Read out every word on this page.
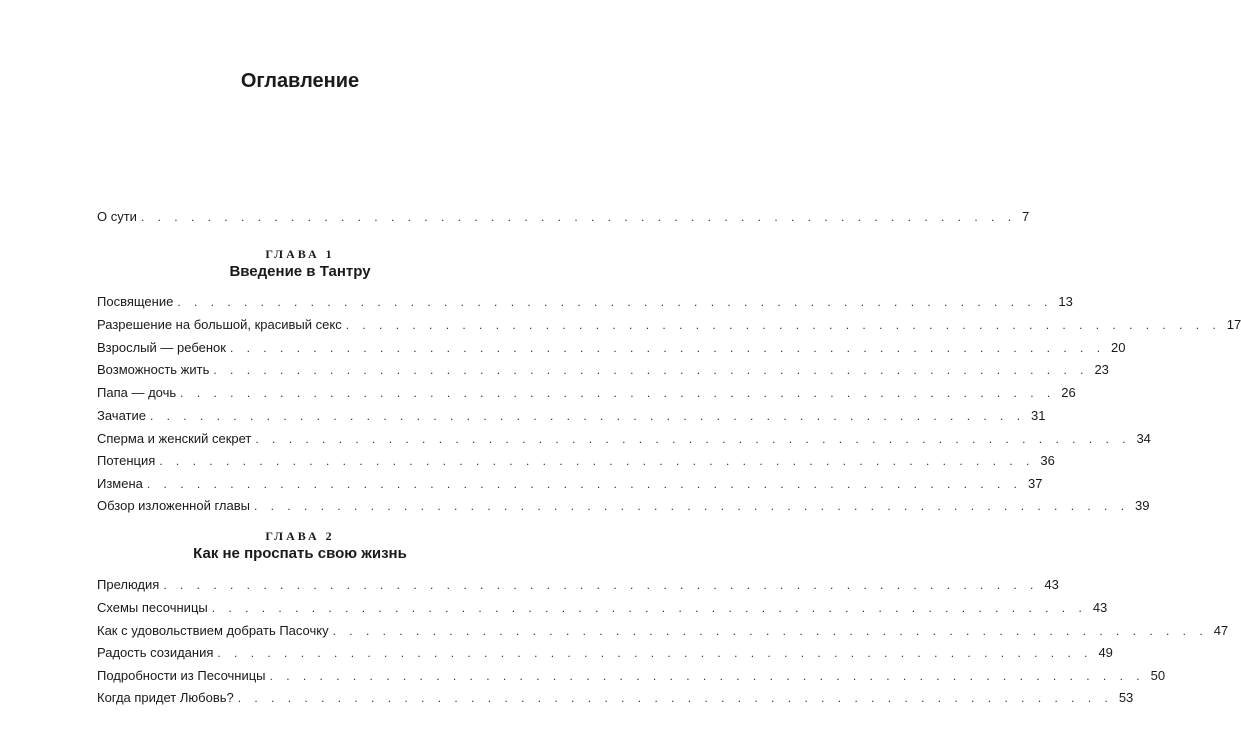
Оглавление
О сути . . . . . . . . . . . . . . . . . . . . . . . . . . . . . . . . . . . . . . . . . . . . . . . . . . . . . 7
ГЛАВА 1
Введение в Тантру
Посвящение . . . . . . . . . . . . . . . . . . . . . . . . . . . . . . . . . . . . . . . . . . . . . . . . . . . . . 13
Разрешение на большой, красивый секс . . . . . . . . . . . . . . . . . . . . . . . . . . . . . . . . . . . . . . . . . . . . . . . . . . . . . 17
Взрослый — ребенок . . . . . . . . . . . . . . . . . . . . . . . . . . . . . . . . . . . . . . . . . . . . . . . . . . . . . 20
Возможность жить . . . . . . . . . . . . . . . . . . . . . . . . . . . . . . . . . . . . . . . . . . . . . . . . . . . . . 23
Папа — дочь . . . . . . . . . . . . . . . . . . . . . . . . . . . . . . . . . . . . . . . . . . . . . . . . . . . . . 26
Зачатие . . . . . . . . . . . . . . . . . . . . . . . . . . . . . . . . . . . . . . . . . . . . . . . . . . . . . 31
Сперма и женский секрет . . . . . . . . . . . . . . . . . . . . . . . . . . . . . . . . . . . . . . . . . . . . . . . . . . . . . 34
Потенция . . . . . . . . . . . . . . . . . . . . . . . . . . . . . . . . . . . . . . . . . . . . . . . . . . . . . 36
Измена . . . . . . . . . . . . . . . . . . . . . . . . . . . . . . . . . . . . . . . . . . . . . . . . . . . . . 37
Обзор изложенной главы . . . . . . . . . . . . . . . . . . . . . . . . . . . . . . . . . . . . . . . . . . . . . . . . . . . . . 39
ГЛАВА 2
Как не проспать свою жизнь
Прелюдия . . . . . . . . . . . . . . . . . . . . . . . . . . . . . . . . . . . . . . . . . . . . . . . . . . . . . 43
Схемы песочницы . . . . . . . . . . . . . . . . . . . . . . . . . . . . . . . . . . . . . . . . . . . . . . . . . . . . . 43
Как с удовольствием добрать Пасочку . . . . . . . . . . . . . . . . . . . . . . . . . . . . . . . . . . . . . . . . . . . . . . . . . . . . . 47
Радость созидания . . . . . . . . . . . . . . . . . . . . . . . . . . . . . . . . . . . . . . . . . . . . . . . . . . . . . 49
Подробности из Песочницы . . . . . . . . . . . . . . . . . . . . . . . . . . . . . . . . . . . . . . . . . . . . . . . . . . . . . 50
Когда придет Любовь? . . . . . . . . . . . . . . . . . . . . . . . . . . . . . . . . . . . . . . . . . . . . . . . . . . . . . 53
